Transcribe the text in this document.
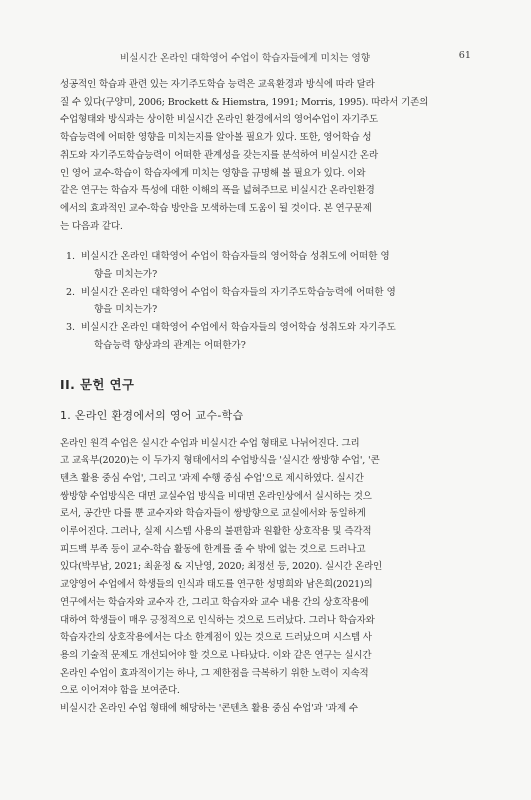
비실시간 온라인 대학영어 수업이 학습자들에게 미치는 영향	61

성공적인 학습과 관련 있는 자기주도학습 능력은 교육환경과 방식에 따라 달라
질 수 있다(구양미, 2006; Brockett & Hiemstra, 1991; Morris, 1995). 따라서 기존의
수업형태와 방식과는 상이한 비실시간 온라인 환경에서의 영어수업이 자기주도
학습능력에 어떠한 영향을 미치는지를 알아볼 필요가 있다. 또한, 영어학습 성
취도와 자기주도학습능력이 어떠한 관계성을 갖는지를 분석하여 비실시간 온라
인 영어 교수-학습이 학습자에게 미치는 영향을 규명해 볼 필요가 있다. 이와
같은 연구는 학습자 특성에 대한 이해의 폭을 넓혀주므로 비실시간 온라인환경
에서의 효과적인 교수-학습 방안을 모색하는데 도움이 될 것이다. 본 연구문제
는 다음과 같다.

1. 비실시간 온라인 대학영어 수업이 학습자들의 영어학습 성취도에 어떠한 영
향을 미치는가?
2. 비실시간 온라인 대학영어 수업이 학습자들의 자기주도학습능력에 어떠한 영
향을 미치는가?
3. 비실시간 온라인 대학영어 수업에서 학습자들의 영어학습 성취도와 자기주도
학습능력 향상과의 관계는 어떠한가?
II. 문헌 연구
1. 온라인 환경에서의 영어 교수-학습

온라인 원격 수업은 실시간 수업과 비실시간 수업 형태로 나뉘어진다. 그리
고 교육부(2020)는 이 두가지 형태에서의 수업방식을 '실시간 쌍방향 수업', '콘
텐츠 활용 중심 수업', 그리고 '과제 수행 중심 수업'으로 제시하였다. 실시간
쌍방향 수업방식은 대면 교실수업 방식을 비대면 온라인상에서 실시하는 것으
로서, 공간만 다를 뿐 교수자와 학습자들이 쌍방향으로 교실에서와 동일하게
이루어진다. 그러나, 실제 시스템 사용의 불편함과 원활한 상호작용 및 즉각적
피드백 부족 등이 교수-학습 활동에 한계를 줄 수 밖에 없는 것으로 드러나고
있다(박부남, 2021; 최윤정 & 지난영, 2020; 최정선 등, 2020). 실시간 온라인
교양영어 수업에서 학생들의 인식과 태도를 연구한 성명희와 남은희(2021)의
연구에서는 학습자와 교수자 간, 그리고 학습자와 교수 내용 간의 상호작용에
대하여 학생들이 매우 긍정적으로 인식하는 것으로 드러났다. 그러나 학습자와
학습자간의 상호작용에서는 다소 한계점이 있는 것으로 드러났으며 시스템 사
용의 기술적 문제도 개선되어야 할 것으로 나타났다. 이와 같은 연구는 실시간
온라인 수업이 효과적이기는 하나, 그 제한점을 극복하기 위한 노력이 지속적
으로 이어져야 함을 보여준다.
비실시간 온라인 수업 형태에 해당하는 '콘텐츠 활용 중심 수업'과 '과제 수
